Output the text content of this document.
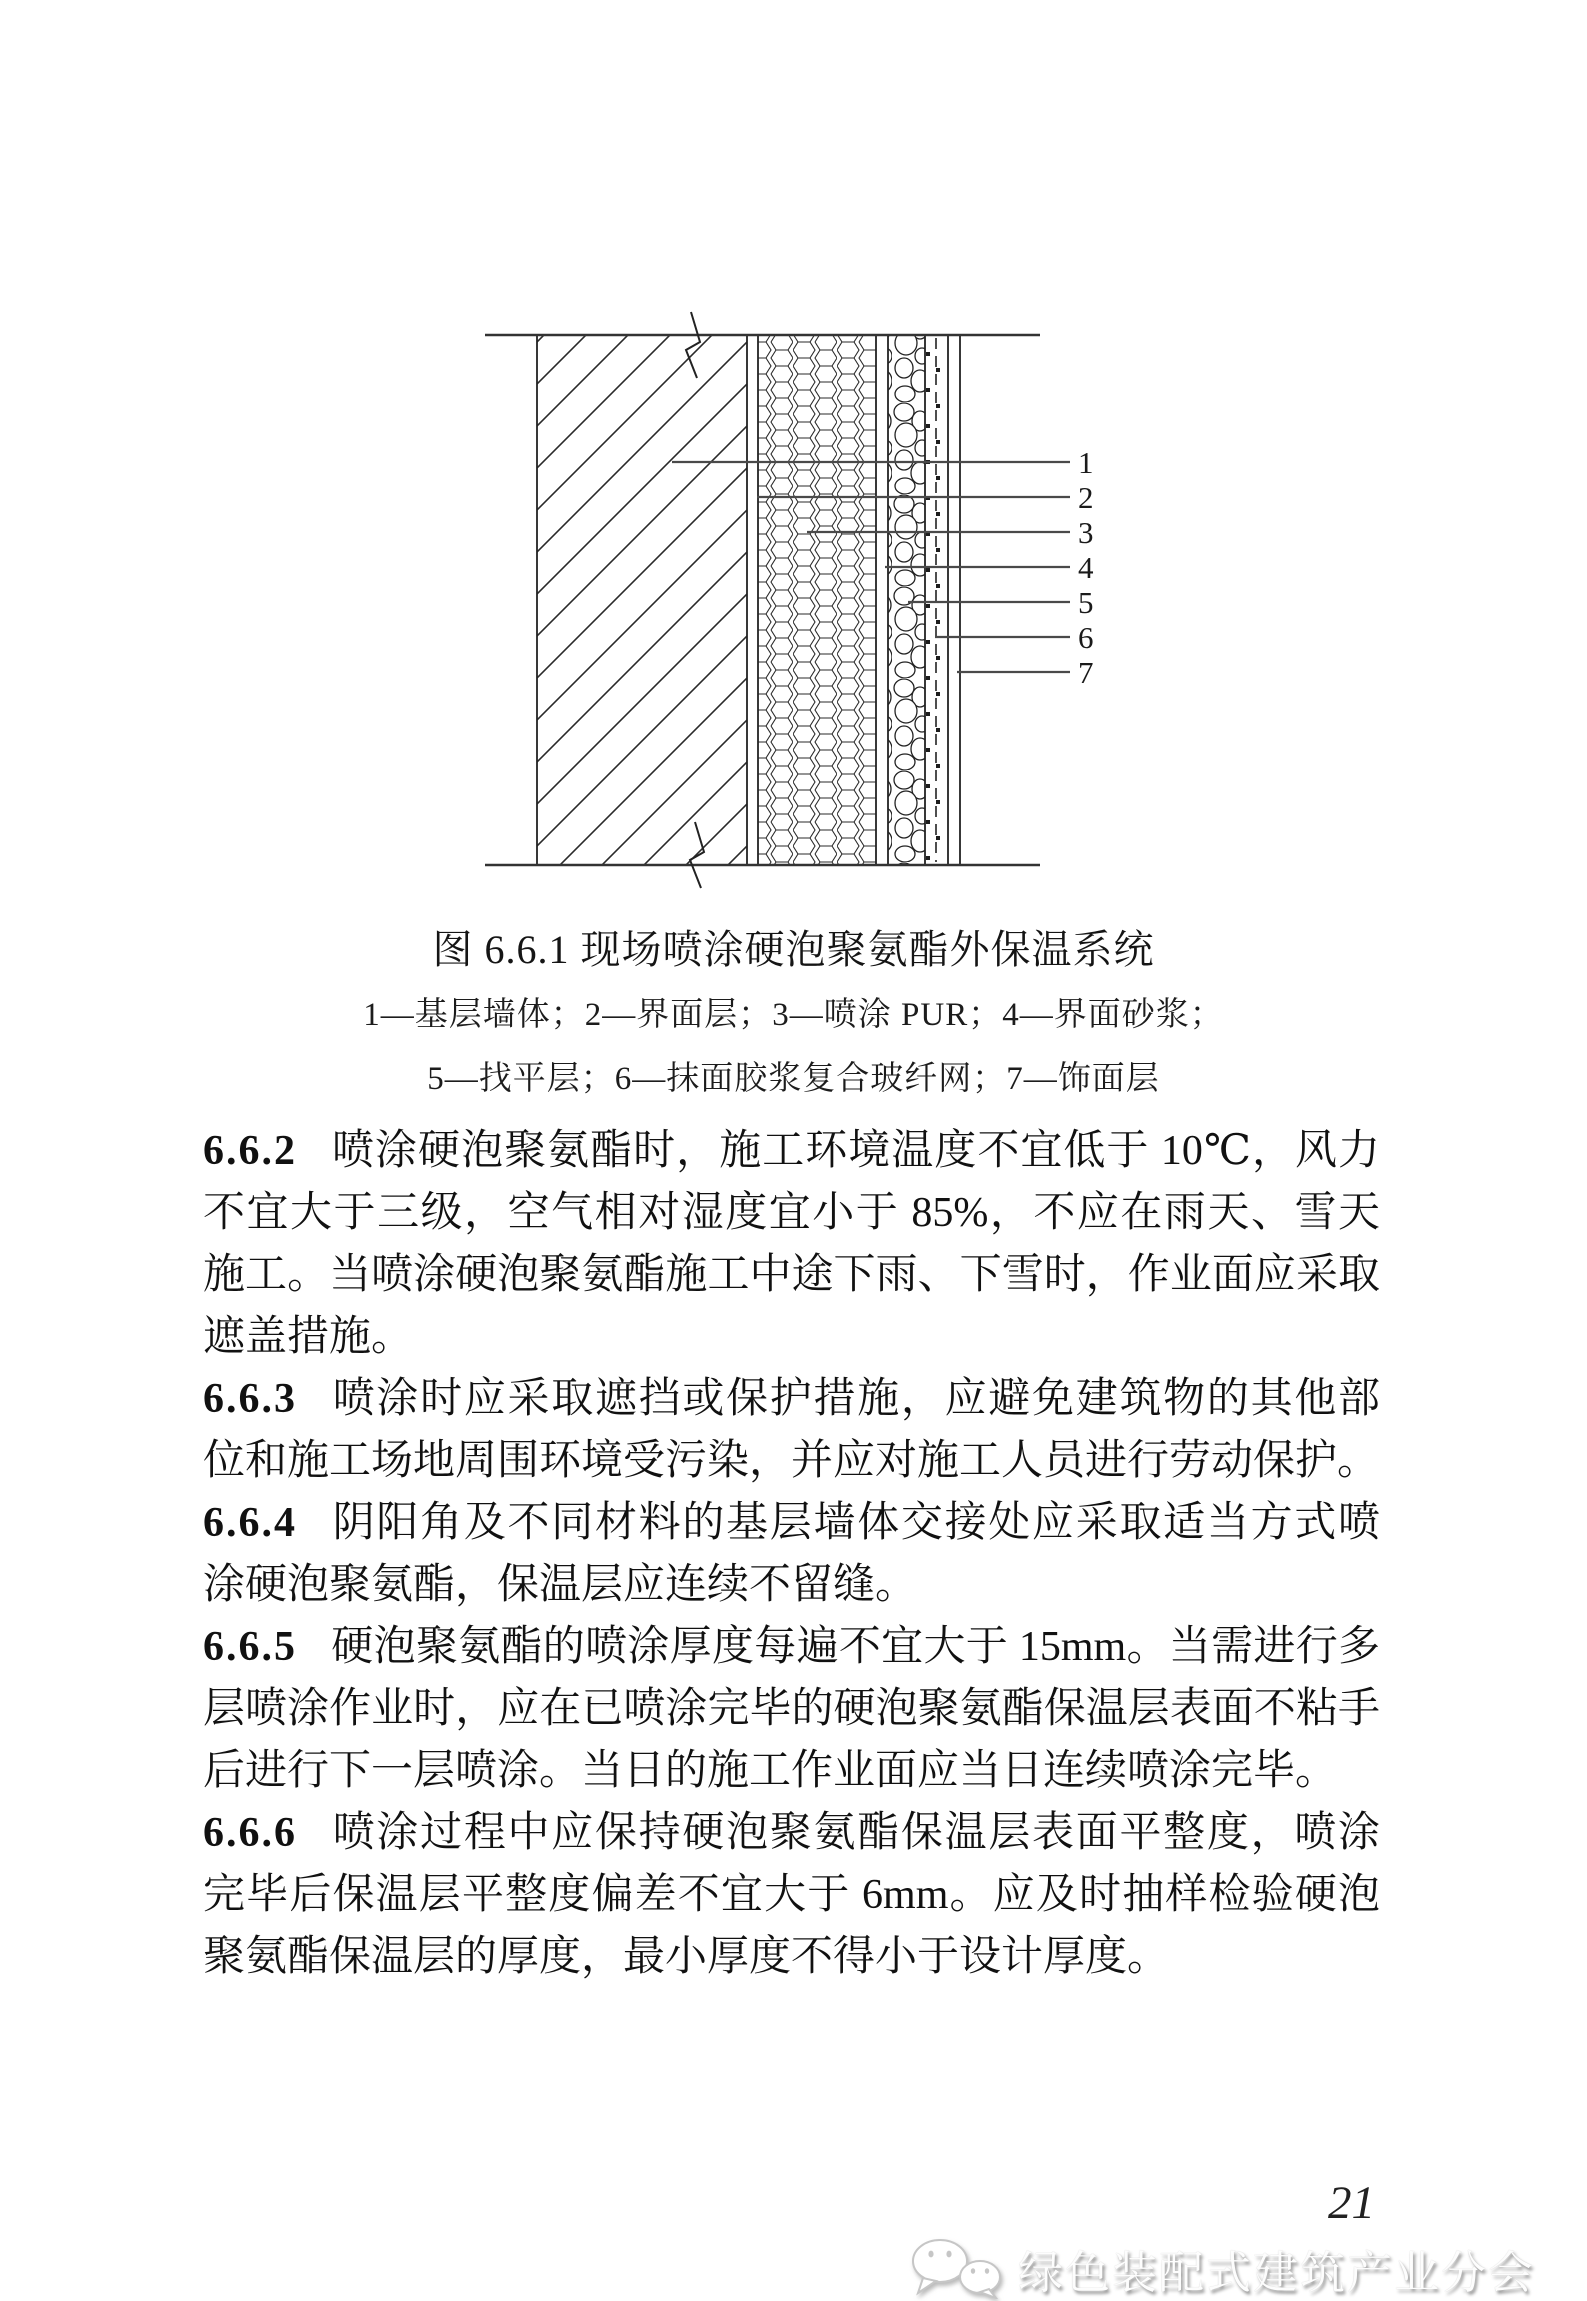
1
2
3
4
5
6
7
图 6.6.1 现场喷涂硬泡聚氨酯外保温系统
1—基层墙体；2—界面层；3—喷涂 PUR；4—界面砂浆；
5—找平层；6—抹面胶浆复合玻纤网；7—饰面层

6.6.2 喷涂硬泡聚氨酯时，施工环境温度不宜低于 10℃，风力不宜大于三级，空气相对湿度宜小于 85%，不应在雨天、雪天施工。当喷涂硬泡聚氨酯施工中途下雨、下雪时，作业面应采取遮盖措施。

6.6.3 喷涂时应采取遮挡或保护措施，应避免建筑物的其他部位和施工场地周围环境受污染，并应对施工人员进行劳动保护。

6.6.4 阴阳角及不同材料的基层墙体交接处应采取适当方式喷涂硬泡聚氨酯，保温层应连续不留缝。

6.6.5 硬泡聚氨酯的喷涂厚度每遍不宜大于 15mm。当需进行多层喷涂作业时，应在已喷涂完毕的硬泡聚氨酯保温层表面不粘手后进行下一层喷涂。当日的施工作业面应当日连续喷涂完毕。

6.6.6 喷涂过程中应保持硬泡聚氨酯保温层表面平整度，喷涂完毕后保温层平整度偏差不宜大于 6mm。应及时抽样检验硬泡聚氨酯保温层的厚度，最小厚度不得小于设计厚度。

21
绿色装配式建筑产业分会
